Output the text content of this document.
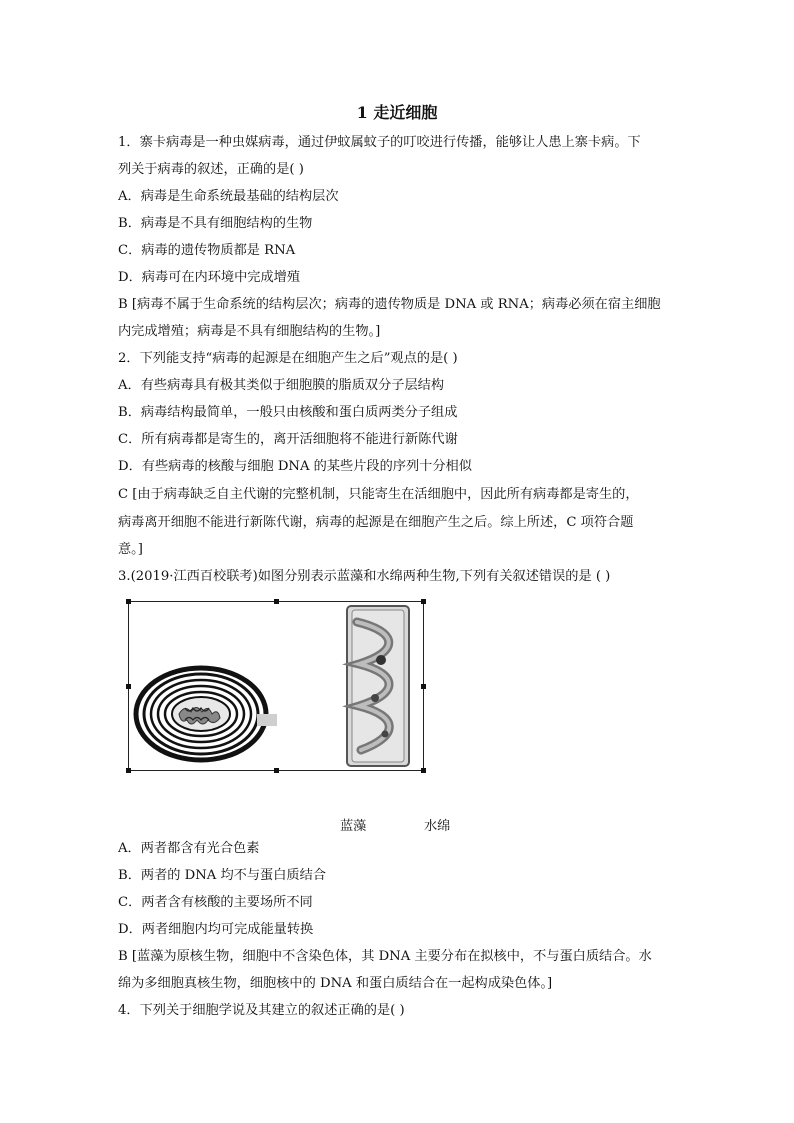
1 走近细胞
1．寨卡病毒是一种虫媒病毒，通过伊蚊属蚊子的叮咬进行传播，能够让人患上寨卡病。下
列关于病毒的叙述，正确的是( )
A．病毒是生命系统最基础的结构层次
B．病毒是不具有细胞结构的生物
C．病毒的遗传物质都是 RNA
D．病毒可在内环境中完成增殖
B [病毒不属于生命系统的结构层次；病毒的遗传物质是 DNA 或 RNA；病毒必须在宿主细胞
内完成增殖；病毒是不具有细胞结构的生物。]
2．下列能支持“病毒的起源是在细胞产生之后”观点的是( )
A．有些病毒具有极其类似于细胞膜的脂质双分子层结构
B．病毒结构最简单，一般只由核酸和蛋白质两类分子组成
C．所有病毒都是寄生的，离开活细胞将不能进行新陈代谢
D．有些病毒的核酸与细胞 DNA 的某些片段的序列十分相似
C [由于病毒缺乏自主代谢的完整机制，只能寄生在活细胞中，因此所有病毒都是寄生的，
病毒离开细胞不能进行新陈代谢，病毒的起源是在细胞产生之后。综上所述，C 项符合题
意。]
3.(2019·江西百校联考)如图分别表示蓝藻和水绵两种生物,下列有关叙述错误的是 ( )
蓝藻	水绵
A．两者都含有光合色素
B．两者的 DNA 均不与蛋白质结合
C．两者含有核酸的主要场所不同
D．两者细胞内均可完成能量转换
B [蓝藻为原核生物，细胞中不含染色体，其 DNA 主要分布在拟核中，不与蛋白质结合。水
绵为多细胞真核生物，细胞核中的 DNA 和蛋白质结合在一起构成染色体。]
4．下列关于细胞学说及其建立的叙述正确的是( )
